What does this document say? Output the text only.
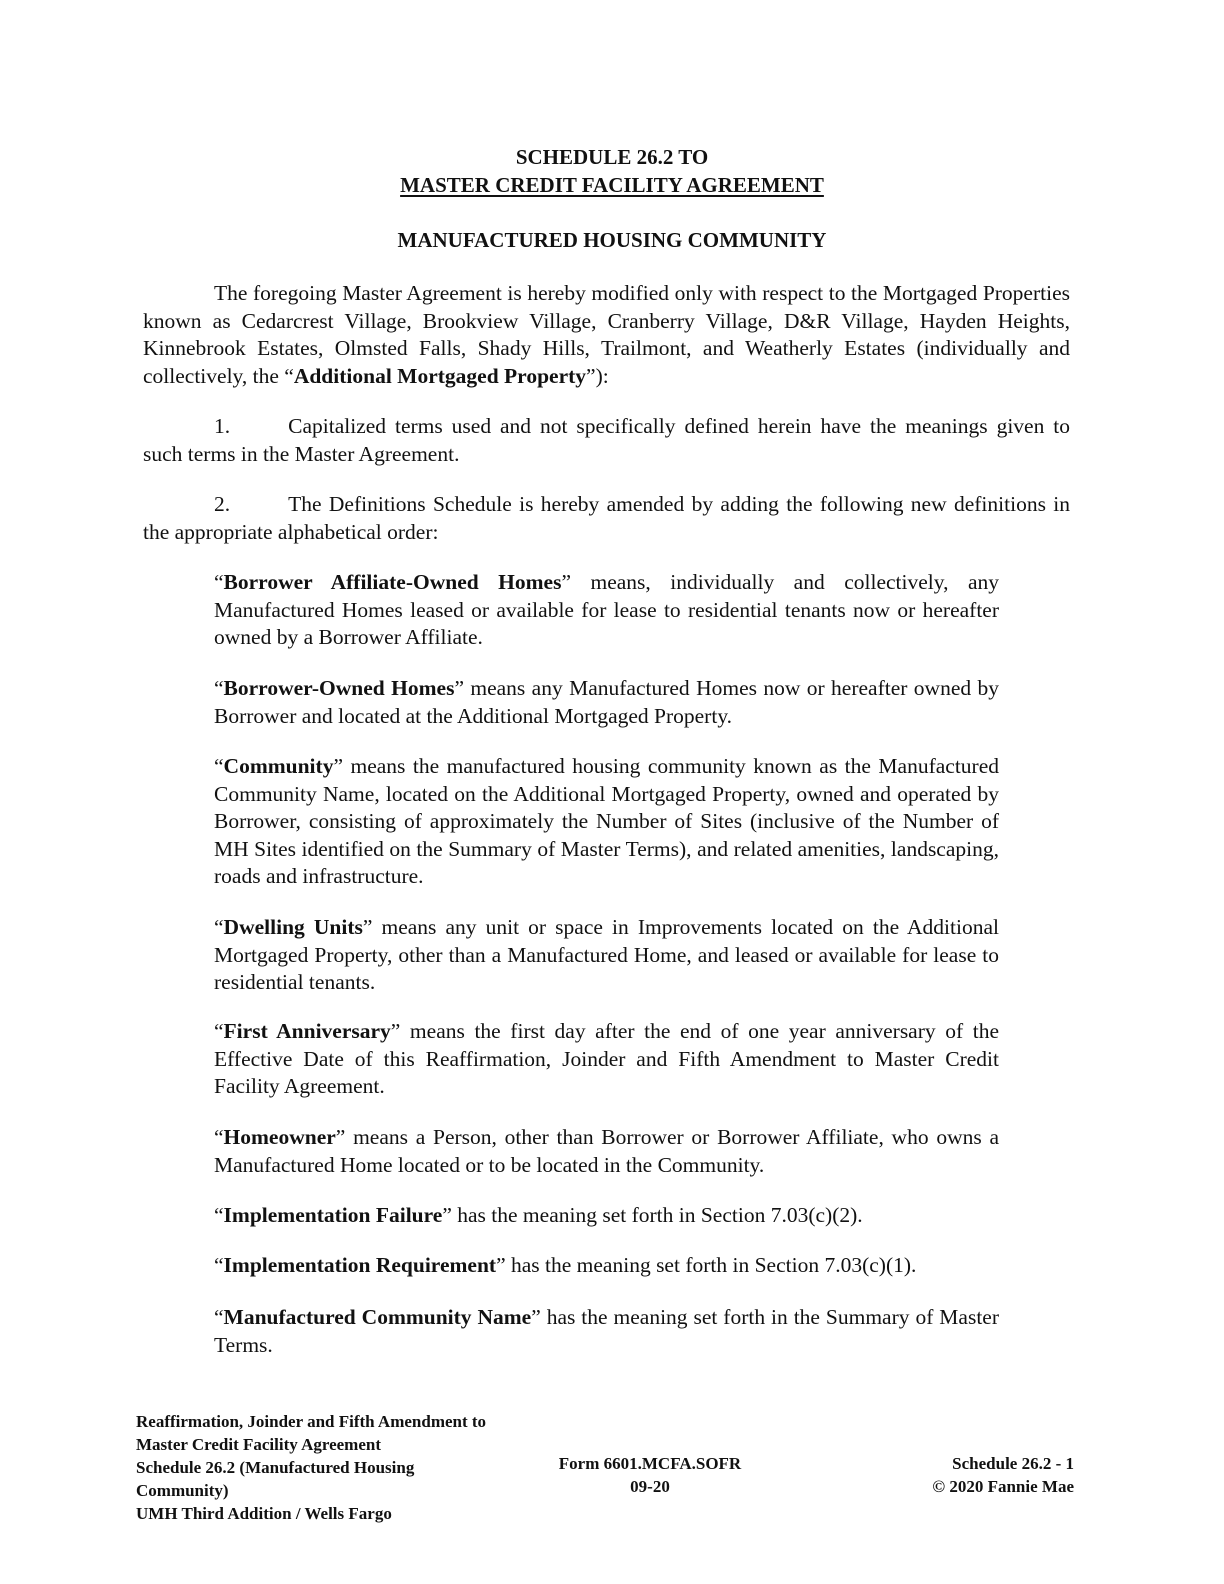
SCHEDULE 26.2 TO
MASTER CREDIT FACILITY AGREEMENT
MANUFACTURED HOUSING COMMUNITY

The foregoing Master Agreement is hereby modified only with respect to the Mortgaged Properties known as Cedarcrest Village, Brookview Village, Cranberry Village, D&R Village, Hayden Heights, Kinnebrook Estates, Olmsted Falls, Shady Hills, Trailmont, and Weatherly Estates (individually and collectively, the “Additional Mortgaged Property”):

1.	Capitalized terms used and not specifically defined herein have the meanings given to such terms in the Master Agreement.

2.	The Definitions Schedule is hereby amended by adding the following new definitions in the appropriate alphabetical order:

“Borrower Affiliate-Owned Homes” means, individually and collectively, any Manufactured Homes leased or available for lease to residential tenants now or hereafter owned by a Borrower Affiliate.

“Borrower-Owned Homes” means any Manufactured Homes now or hereafter owned by Borrower and located at the Additional Mortgaged Property.

“Community” means the manufactured housing community known as the Manufactured Community Name, located on the Additional Mortgaged Property, owned and operated by Borrower, consisting of approximately the Number of Sites (inclusive of the Number of MH Sites identified on the Summary of Master Terms), and related amenities, landscaping, roads and infrastructure.

“Dwelling Units” means any unit or space in Improvements located on the Additional Mortgaged Property, other than a Manufactured Home, and leased or available for lease to residential tenants.

“First Anniversary” means the first day after the end of one year anniversary of the Effective Date of this Reaffirmation, Joinder and Fifth Amendment to Master Credit Facility Agreement.

“Homeowner” means a Person, other than Borrower or Borrower Affiliate, who owns a Manufactured Home located or to be located in the Community.

“Implementation Failure” has the meaning set forth in Section 7.03(c)(2).

“Implementation Requirement” has the meaning set forth in Section 7.03(c)(1).

“Manufactured Community Name” has the meaning set forth in the Summary of Master Terms.

Reaffirmation, Joinder and Fifth Amendment to
Master Credit Facility Agreement
Schedule 26.2 (Manufactured Housing
Community)
UMH Third Addition / Wells Fargo
Form 6601.MCFA.SOFR
09-20
Schedule 26.2 - 1
© 2020 Fannie Mae
